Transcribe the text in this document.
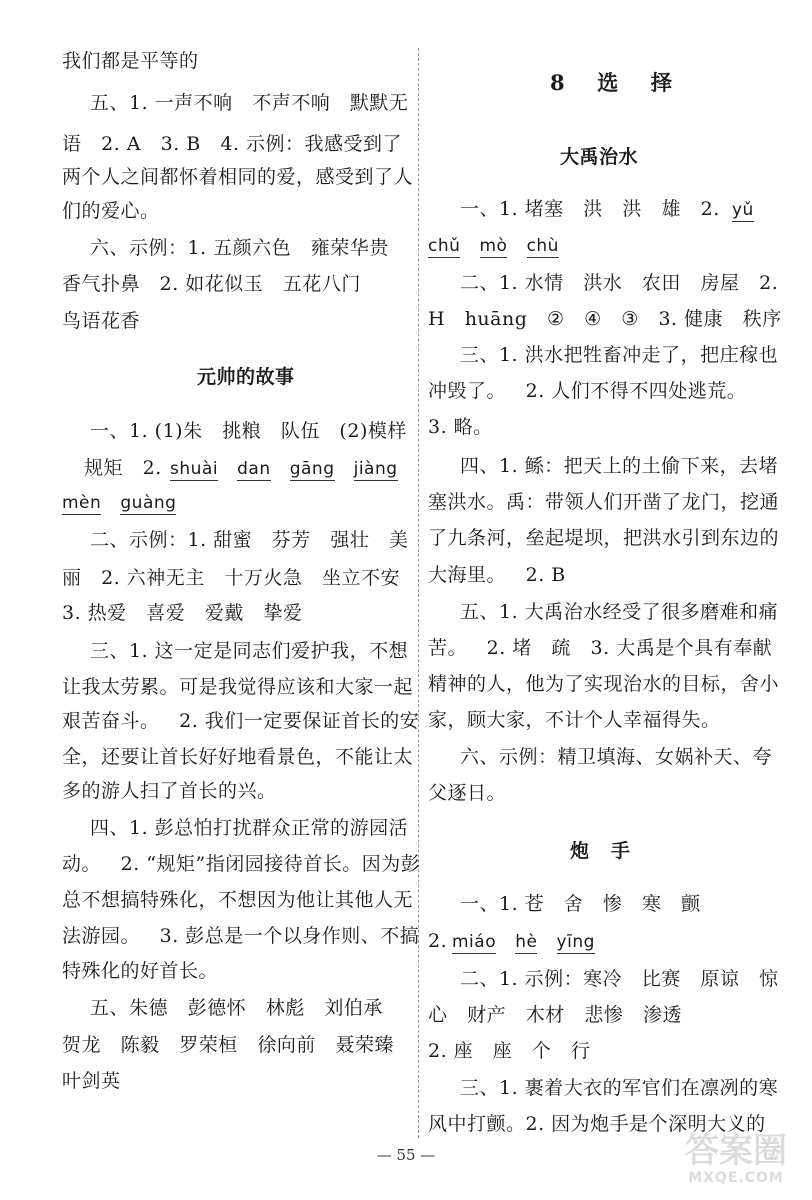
我们都是平等的
五、1. 一声不响   不声不响   默默无
语   2. A   3. B   4. 示例：我感受到了
两个人之间都怀着相同的爱，感受到了人
们的爱心。
六、示例：1. 五颜六色   雍荣华贵
香气扑鼻   2. 如花似玉   五花八门
鸟语花香
元帅的故事
一、1. (1)朱   挑粮   队伍   (2)模样
规矩   2.
二、示例：1. 甜蜜   芬芳   强壮   美
丽   2. 六神无主   十万火急   坐立不安
3. 热爱   喜爱   爱戴   挚爱
三、1. 这一定是同志们爱护我，不想
让我太劳累。可是我觉得应该和大家一起
艰苦奋斗。   2. 我们一定要保证首长的安
全，还要让首长好好地看景色，不能让太
多的游人扫了首长的兴。
四、1. 彭总怕打扰群众正常的游园活
动。   2. “规矩”指闭园接待首长。因为彭
总不想搞特殊化，不想因为他让其他人无
法游园。   3. 彭总是一个以身作则、不搞
特殊化的好首长。
五、朱德   彭德怀   林彪   刘伯承
贺龙   陈毅   罗荣桓   徐向前   聂荣臻
叶剑英
shuài dan gāng jiàng
mèn guàng
8  选  择
大禹治水
一、1. 堵塞   洪   洪   雄   2.
二、1. 水情   洪水   农田   房屋   2.
H   huāng   ②   ④   ③   3. 健康   秩序
三、1. 洪水把牲畜冲走了，把庄稼也
冲毁了。   2. 人们不得不四处逃荒。
3. 略。
四、1. 鲧：把天上的土偷下来，去堵
塞洪水。禹：带领人们开凿了龙门，挖通
了九条河，垒起堤坝，把洪水引到东边的
大海里。   2. B
五、1. 大禹治水经受了很多磨难和痛
苦。   2. 堵   疏   3. 大禹是个具有奉献
精神的人，他为了实现治水的目标，舍小
家，顾大家，不计个人幸福得失。
六、示例：精卫填海、女娲补天、夸
父逐日。
炮   手
一、1. 苍   舍   惨   寒   颤
2.
二、1. 示例：寒冷   比赛   原谅   惊
心   财产   木材   悲惨   渗透
2. 座   座   个   行
三、1. 裹着大衣的军官们在凛冽的寒
风中打颤。2. 因为炮手是个深明大义的
yǔ
chǔ mò chù
miáo hè yīng
— 55 —	答案圈
MXQE.COM
